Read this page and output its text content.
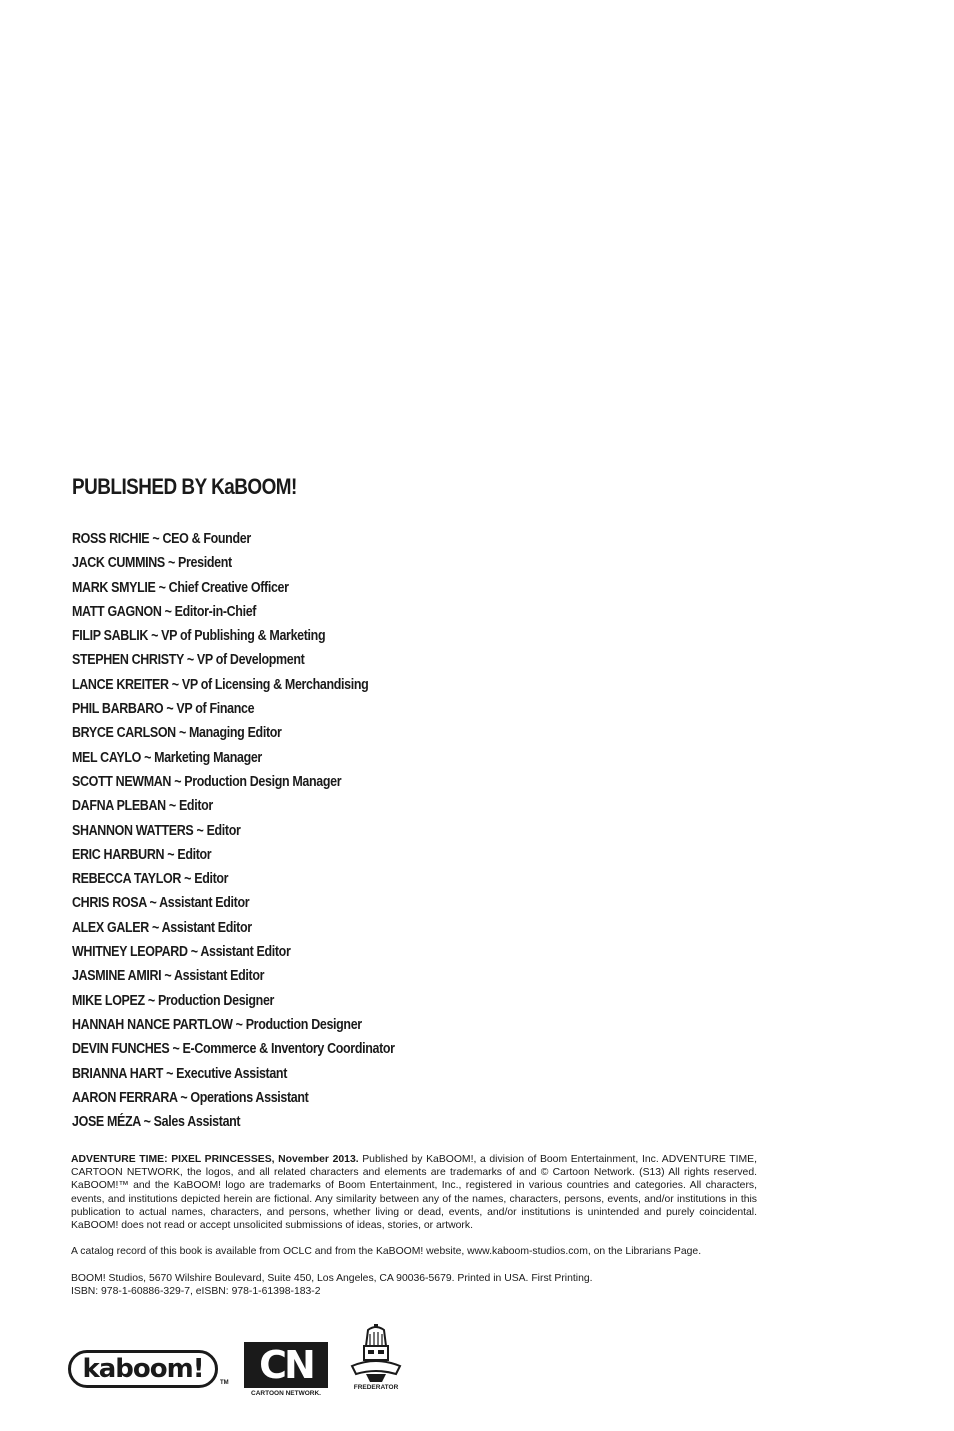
PUBLISHED BY KaBOOM!
ROSS RICHIE ~ CEO & Founder
JACK CUMMINS ~ President
MARK SMYLIE ~ Chief Creative Officer
MATT GAGNON ~ Editor-in-Chief
FILIP SABLIK ~ VP of Publishing & Marketing
STEPHEN CHRISTY ~ VP of Development
LANCE KREITER ~ VP of Licensing & Merchandising
PHIL BARBARO ~ VP of Finance
BRYCE CARLSON ~ Managing Editor
MEL CAYLO ~ Marketing Manager
SCOTT NEWMAN ~ Production Design Manager
DAFNA PLEBAN ~ Editor
SHANNON WATTERS ~ Editor
ERIC HARBURN ~ Editor
REBECCA TAYLOR ~ Editor
CHRIS ROSA ~ Assistant Editor
ALEX GALER ~ Assistant Editor
WHITNEY LEOPARD ~ Assistant Editor
JASMINE AMIRI ~ Assistant Editor
MIKE LOPEZ ~ Production Designer
HANNAH NANCE PARTLOW ~ Production Designer
DEVIN FUNCHES ~ E-Commerce & Inventory Coordinator
BRIANNA HART ~ Executive Assistant
AARON FERRARA ~ Operations Assistant
JOSE MÉZA ~ Sales Assistant

ADVENTURE TIME: PIXEL PRINCESSES, November 2013. Published by KaBOOM!, a division of Boom Entertainment, Inc. ADVENTURE TIME, CARTOON NETWORK, the logos, and all related characters and elements are trademarks of and © Cartoon Network. (S13) All rights reserved. KaBOOM!™ and the KaBOOM! logo are trademarks of Boom Entertainment, Inc., registered in various countries and categories. All characters, events, and institutions depicted herein are fictional. Any similarity between any of the names, characters, persons, events, and/or institutions in this publication to actual names, characters, and persons, whether living or dead, events, and/or institutions is unintended and purely coincidental. KaBOOM! does not read or accept unsolicited submissions of ideas, stories, or artwork.

A catalog record of this book is available from OCLC and from the KaBOOM! website, www.kaboom-studios.com, on the Librarians Page.

BOOM! Studios, 5670 Wilshire Boulevard, Suite 450, Los Angeles, CA 90036-5679. Printed in USA. First Printing.
ISBN: 978-1-60886-329-7, eISBN: 978-1-61398-183-2
kaboom!	TM CN
CARTOON NETWORK.
FREDERATOR
